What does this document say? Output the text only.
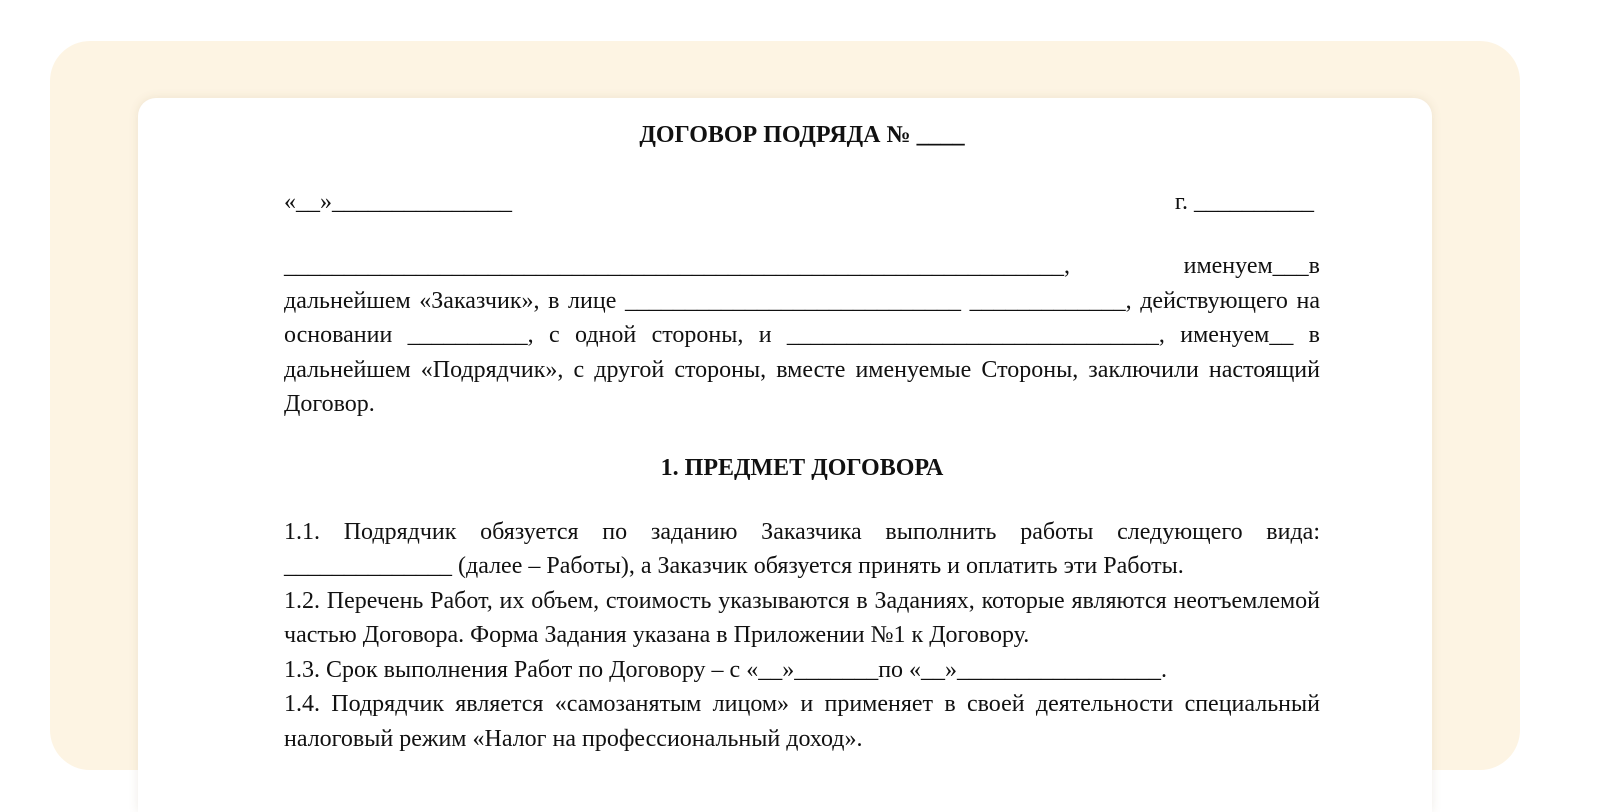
ДОГОВОР ПОДРЯДА № ____
«__»_______________	г. __________

_________________________________________________________________, именуем___в дальнейшем «Заказчик», в лице ____________________________ _____________, действующего на основании __________, с одной стороны, и _______________________________, именуем__ в дальнейшем «Подрядчик», с другой стороны, вместе именуемые Стороны, заключили настоящий Договор.

1. ПРЕДМЕТ ДОГОВОРА

1.1. Подрядчик обязуется по заданию Заказчика выполнить работы следующего вида: ______________ (далее – Работы), а Заказчик обязуется принять и оплатить эти Работы.

1.2. Перечень Работ, их объем, стоимость указываются в Заданиях, которые являются неотъемлемой частью Договора. Форма Задания указана в Приложении №1 к Договору.

1.3. Срок выполнения Работ по Договору – с «__»_______по «__»_________________.

1.4. Подрядчик является «самозанятым лицом» и применяет в своей деятельности специальный налоговый режим «Налог на профессиональный доход».
